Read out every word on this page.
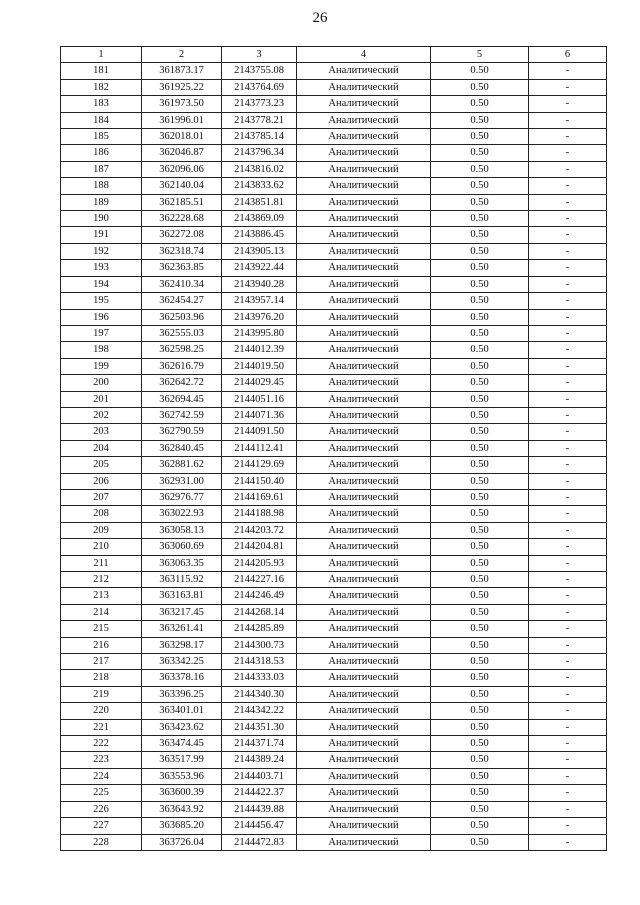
26
1	2	3	4	5	6
181	361873.17	2143755.08	Аналитический	0.50	-
182	361925.22	2143764.69	Аналитический	0.50	-
183	361973.50	2143773.23	Аналитический	0.50	-
184	361996.01	2143778.21	Аналитический	0.50	-
185	362018.01	2143785.14	Аналитический	0.50	-
186	362046.87	2143796.34	Аналитический	0.50	-
187	362096.06	2143816.02	Аналитический	0.50	-
188	362140.04	2143833.62	Аналитический	0.50	-
189	362185.51	2143851.81	Аналитический	0.50	-
190	362228.68	2143869.09	Аналитический	0.50	-
191	362272.08	2143886.45	Аналитический	0.50	-
192	362318.74	2143905.13	Аналитический	0.50	-
193	362363.85	2143922.44	Аналитический	0.50	-
194	362410.34	2143940.28	Аналитический	0.50	-
195	362454.27	2143957.14	Аналитический	0.50	-
196	362503.96	2143976.20	Аналитический	0.50	-
197	362555.03	2143995.80	Аналитический	0.50	-
198	362598.25	2144012.39	Аналитический	0.50	-
199	362616.79	2144019.50	Аналитический	0.50	-
200	362642.72	2144029.45	Аналитический	0.50	-
201	362694.45	2144051.16	Аналитический	0.50	-
202	362742.59	2144071.36	Аналитический	0.50	-
203	362790.59	2144091.50	Аналитический	0.50	-
204	362840.45	2144112.41	Аналитический	0.50	-
205	362881.62	2144129.69	Аналитический	0.50	-
206	362931.00	2144150.40	Аналитический	0.50	-
207	362976.77	2144169.61	Аналитический	0.50	-
208	363022.93	2144188.98	Аналитический	0.50	-
209	363058.13	2144203.72	Аналитический	0.50	-
210	363060.69	2144204.81	Аналитический	0.50	-
211	363063.35	2144205.93	Аналитический	0.50	-
212	363115.92	2144227.16	Аналитический	0.50	-
213	363163.81	2144246.49	Аналитический	0.50	-
214	363217.45	2144268.14	Аналитический	0.50	-
215	363261.41	2144285.89	Аналитический	0.50	-
216	363298.17	2144300.73	Аналитический	0.50	-
217	363342.25	2144318.53	Аналитический	0.50	-
218	363378.16	2144333.03	Аналитический	0.50	-
219	363396.25	2144340.30	Аналитический	0.50	-
220	363401.01	2144342.22	Аналитический	0.50	-
221	363423.62	2144351.30	Аналитический	0.50	-
222	363474.45	2144371.74	Аналитический	0.50	-
223	363517.99	2144389.24	Аналитический	0.50	-
224	363553.96	2144403.71	Аналитический	0.50	-
225	363600.39	2144422.37	Аналитический	0.50	-
226	363643.92	2144439.88	Аналитический	0.50	-
227	363685.20	2144456.47	Аналитический	0.50	-
228	363726.04	2144472.83	Аналитический	0.50	-
